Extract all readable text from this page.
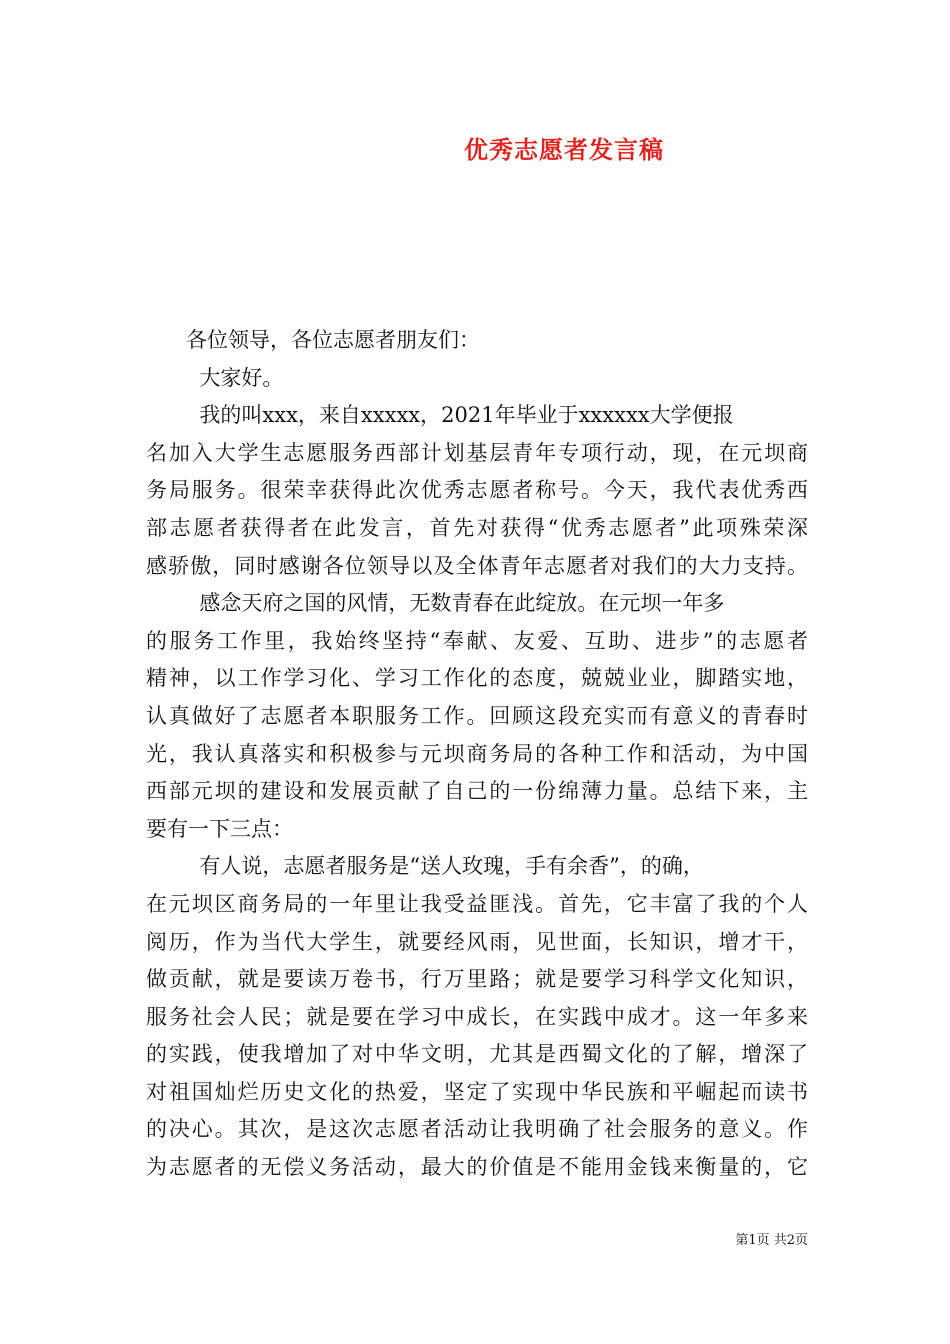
优秀志愿者发言稿
各位领导，各位志愿者朋友们：
大家好。
我的叫xxx，来自xxxxx，2021年毕业于xxxxxx大学便报
名加入大学生志愿服务西部计划基层青年专项行动，现，在元坝商
务局服务。很荣幸获得此次优秀志愿者称号。今天，我代表优秀西
部志愿者获得者在此发言，首先对获得“优秀志愿者”此项殊荣深
感骄傲，同时感谢各位领导以及全体青年志愿者对我们的大力支持。
感念天府之国的风情，无数青春在此绽放。在元坝一年多
的服务工作里，我始终坚持“奉献、友爱、互助、进步”的志愿者
精神，以工作学习化、学习工作化的态度，兢兢业业，脚踏实地，
认真做好了志愿者本职服务工作。回顾这段充实而有意义的青春时
光，我认真落实和积极参与元坝商务局的各种工作和活动，为中国
西部元坝的建设和发展贡献了自己的一份绵薄力量。总结下来，主
要有一下三点：
有人说，志愿者服务是“送人玫瑰，手有余香”，的确，
在元坝区商务局的一年里让我受益匪浅。首先，它丰富了我的个人
阅历，作为当代大学生，就要经风雨，见世面，长知识，增才干，
做贡献，就是要读万卷书，行万里路；就是要学习科学文化知识，
服务社会人民；就是要在学习中成长，在实践中成才。这一年多来
的实践，使我增加了对中华文明，尤其是西蜀文化的了解，增深了
对祖国灿烂历史文化的热爱，坚定了实现中华民族和平崛起而读书
的决心。其次，是这次志愿者活动让我明确了社会服务的意义。作
为志愿者的无偿义务活动，最大的价值是不能用金钱来衡量的，它
第1页 共2页
